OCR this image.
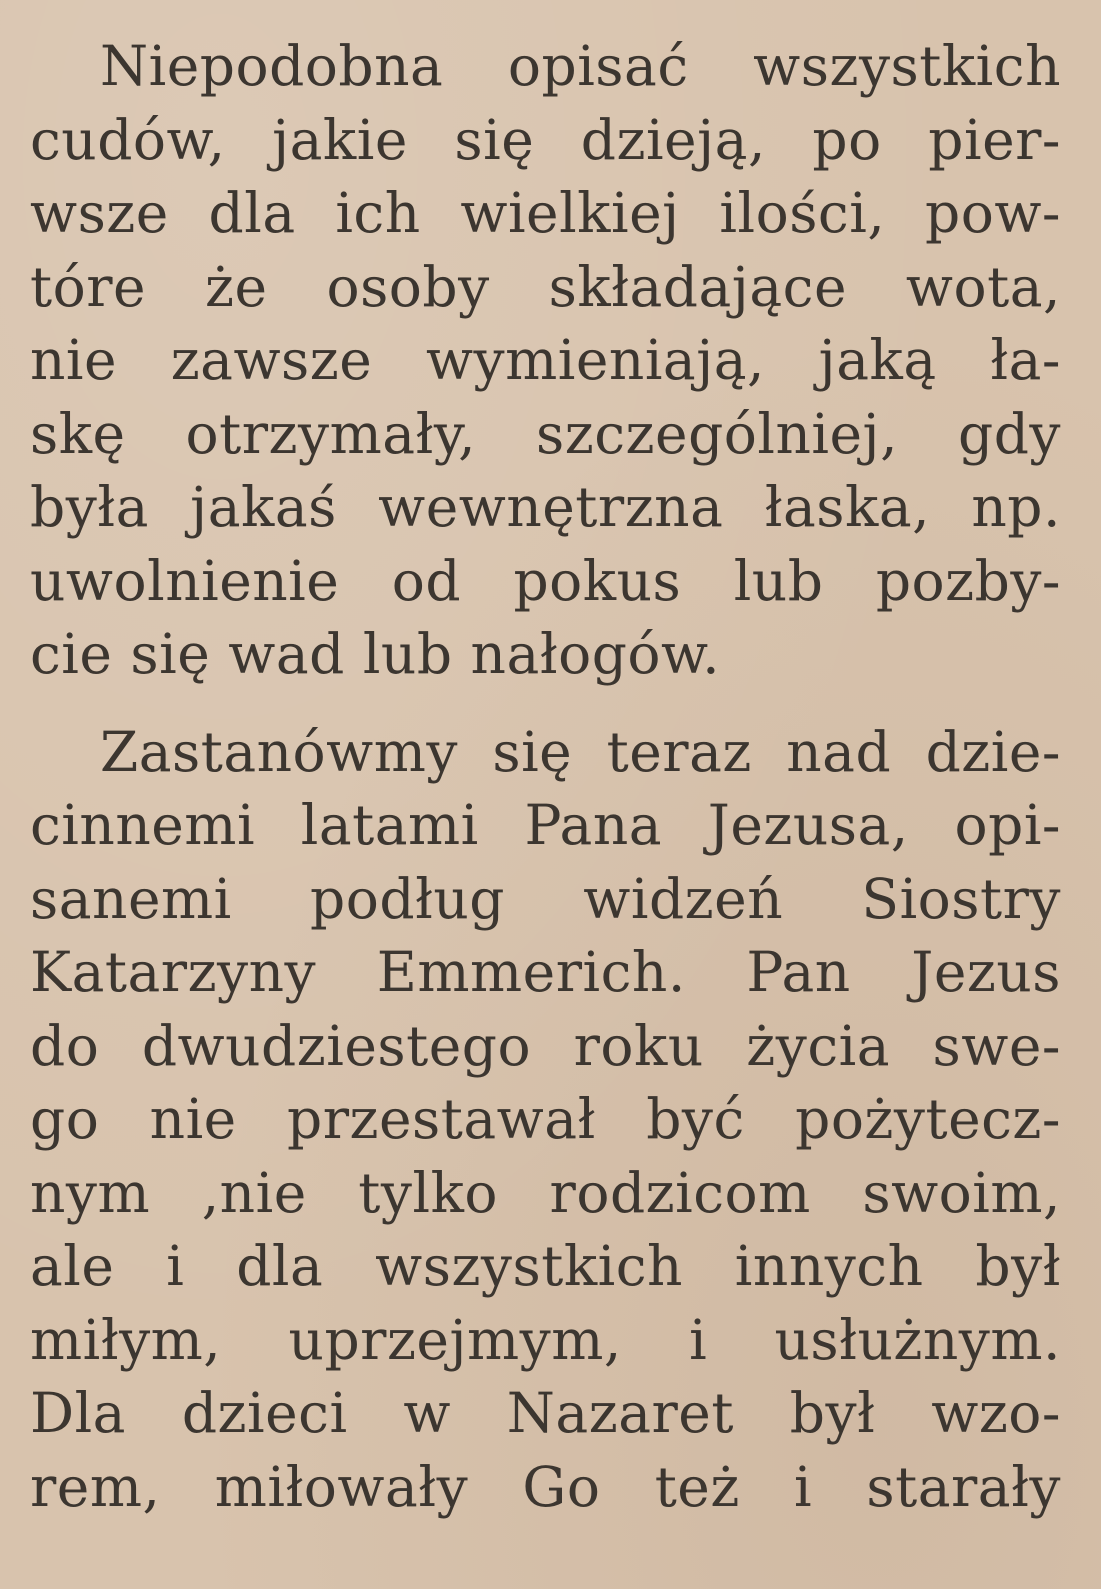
Niepodobna opisać wszystkich
cudów, jakie się dzieją, po pier-
wsze dla ich wielkiej ilości, pow-
tóre że osoby składające wota,
nie zawsze wymieniają, jaką ła-
skę otrzymały, szczególniej, gdy
była jakaś wewnętrzna łaska, np.
uwolnienie od pokus lub pozby-
cie się wad lub nałogów.
Zastanówmy się teraz nad dzie-
cinnemi latami Pana Jezusa, opi-
sanemi podług widzeń Siostry
Katarzyny Emmerich. Pan Jezus
do dwudziestego roku życia swe-
go nie przestawał być pożytecz-
nym ,nie tylko rodzicom swoim,
ale i dla wszystkich innych był
miłym, uprzejmym, i usłużnym.
Dla dzieci w Nazaret był wzo-
rem, miłowały Go też i starały
